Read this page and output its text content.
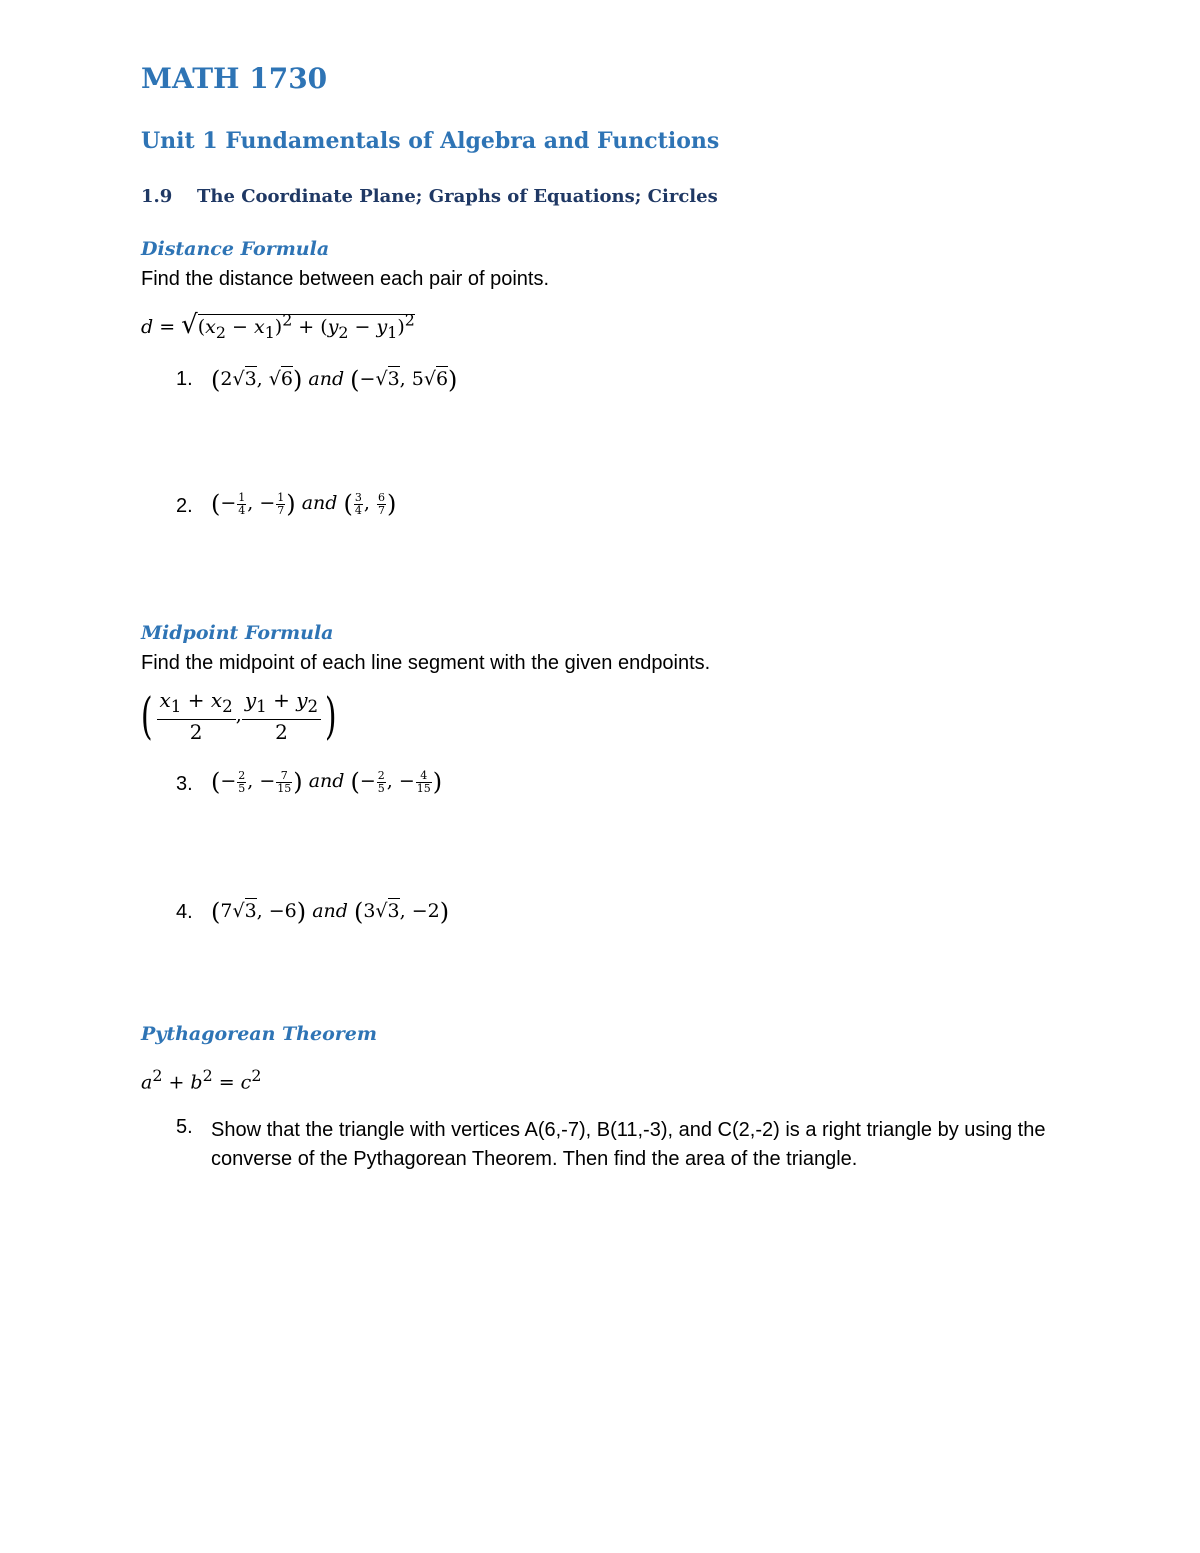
MATH 1730
Unit 1 Fundamentals of Algebra and Functions
1.9 The Coordinate Plane; Graphs of Equations; Circles
Distance Formula
Find the distance between each pair of points.
$d = √(x_2 - x_1)^2 + (y_2 - y_1)^2$
1. (2√3, √6) and (−√3, 5√6)
2. (− $\frac{1}{4}$ , − $\frac{1}{7}$ ) and ( $\frac{3}{4}$ , $\frac{6}{7}$ )
Midpoint Formula
Find the midpoint of each line segment with the given endpoints.
( $\frac{x_1 + x_2}{2}$ , $\frac{y_1 + y_2}{2}$ )
3. (− $\frac{2}{5}$ , − $\frac{7}{15}$ ) and (− $\frac{2}{5}$ , − $\frac{4}{15}$ )
4. (7√3, −6) and (3√3, −2)
Pythagorean Theorem
$a^2 + b^2 = c^2$
5. Show that the triangle with vertices A(6,-7), B(11,-3), and C(2,-2) is a right triangle by using the converse of the Pythagorean Theorem. Then find the area of the triangle.
